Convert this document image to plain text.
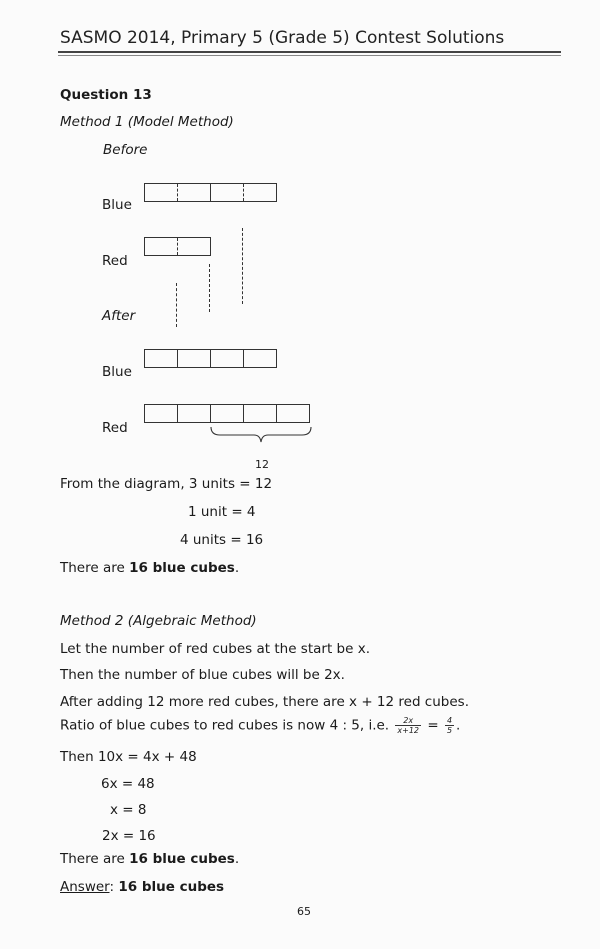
SASMO 2014, Primary 5 (Grade 5) Contest Solutions
Question 13
Method 1 (Model Method)
Before
Blue
Red
After
Blue
Red
12
From the diagram, 3 units = 12
1 unit = 4
4 units = 16
There are 16 blue cubes.
Method 2 (Algebraic Method)
Let the number of red cubes at the start be x.
Then the number of blue cubes will be 2x.
After adding 12 more red cubes, there are x + 12 red cubes.
Ratio of blue cubes to red cubes is now 4 : 5, i.e. $\frac{2x}{x+12} = \frac{4}{5}$ .
Then 10x = 4x + 48
6x = 48
x = 8
2x = 16
There are 16 blue cubes.
Answer: 16 blue cubes
65
